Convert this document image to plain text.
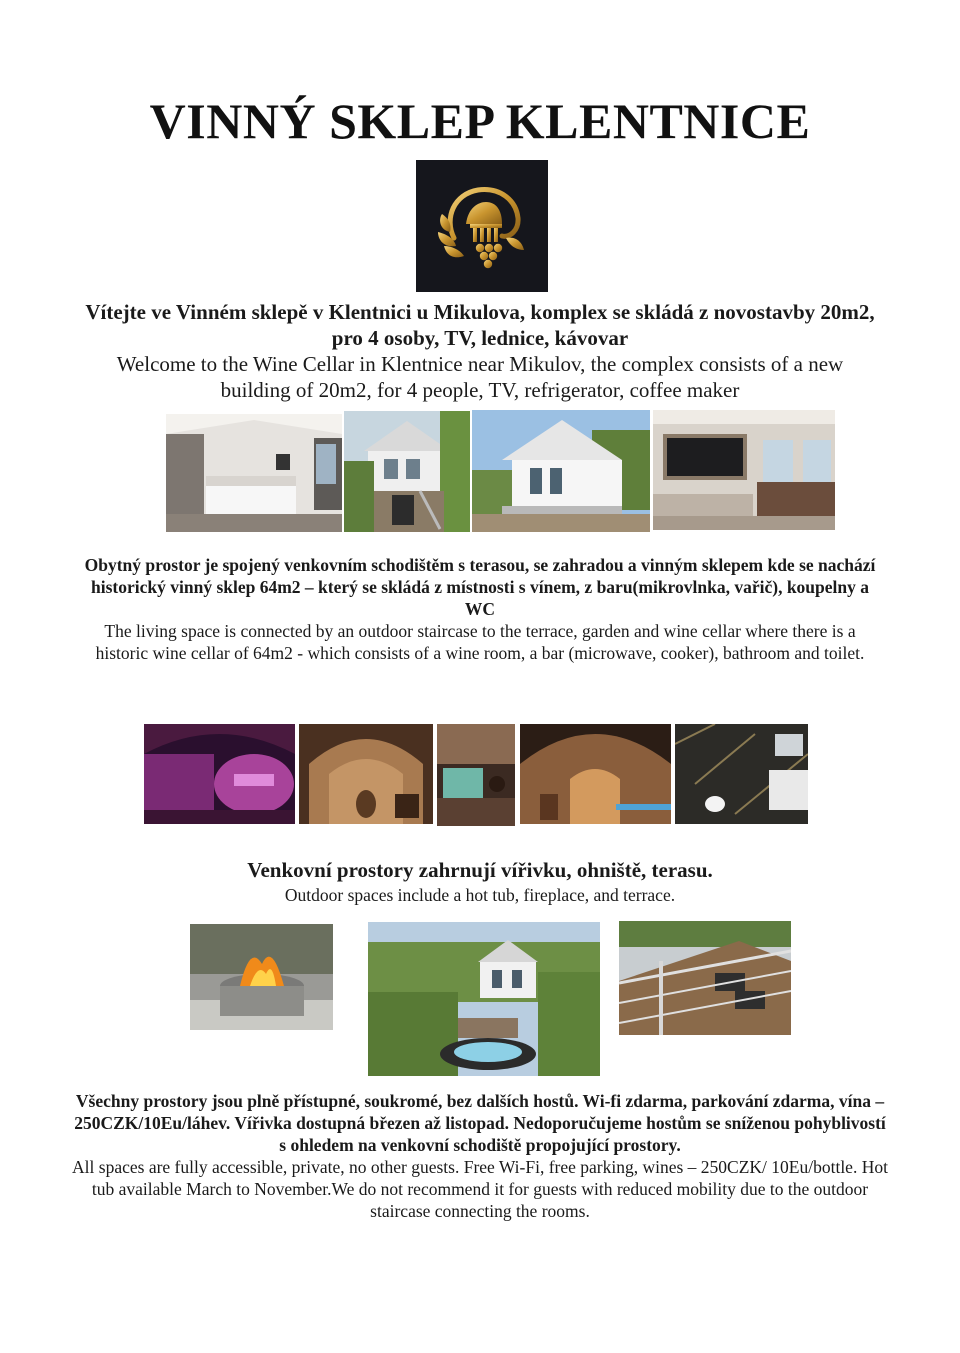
VINNÝ SKLEP KLENTNICE
Vítejte ve Vinném sklepě v Klentnici u Mikulova, komplex se skládá z novostavby 20m2, pro 4 osoby, TV, lednice, kávovar
Welcome to the Wine Cellar in Klentnice near Mikulov, the complex consists of a new building of 20m2, for 4 people, TV, refrigerator, coffee maker
Obytný prostor je spojený venkovním schodištěm s terasou, se zahradou a vinným sklepem kde se nachází historický vinný sklep 64m2 – který se skládá z místnosti s vínem, z baru(mikrovlnka, vařič), koupelny a WC
The living space is connected by an outdoor staircase to the terrace, garden and wine cellar where there is a historic wine cellar of 64m2 - which consists of a wine room, a bar (microwave, cooker), bathroom and toilet.
Venkovní prostory zahrnují vířivku, ohniště, terasu.
Outdoor spaces include a hot tub, fireplace, and terrace.
Všechny prostory jsou plně přístupné, soukromé, bez dalších hostů. Wi-fi zdarma, parkování zdarma, vína – 250CZK/10Eu/láhev. Vířivka dostupná březen až listopad. Nedoporučujeme hostům se sníženou pohyblivostí s ohledem na venkovní schodiště propojující prostory.
All spaces are fully accessible, private, no other guests. Free Wi-Fi, free parking, wines – 250CZK/ 10Eu/bottle. Hot tub available March to November.We do not recommend it for guests with reduced mobility due to the outdoor staircase connecting the rooms.
